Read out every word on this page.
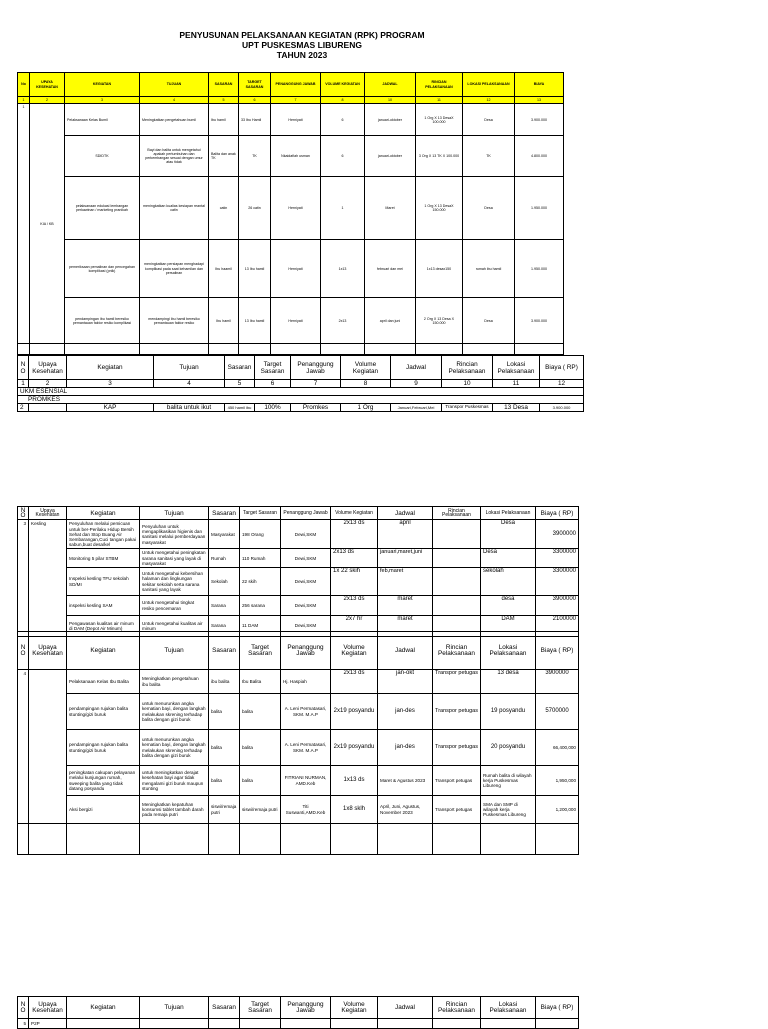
PENYUSUNAN PELAKSANAAN KEGIATAN (RPK) PROGRAM
UPT PUSKESMAS LIBURENG
TAHUN 2023
No	UPAYA KESEHATAN	KEGIATAN	TUJUAN	SASARAN	TARGET SASARAN	PENANGGUNG JAWAB	VOLUME KEGIATAN	JADWAL	RINCIAN PELAKSANAAN	LOKASI PELAKSANAAN	BIAYA
1	2	3	4	5	6	7	8	10	11	12	13
1	KIA / KB	Pelaksanaan Kelas Bumil	Meningkatkan pengetahuan bumil	Ibu hamil	33 Ibu Hamil	Herniyati	6	januari-oktober	1 Org X 13 DesaX 100.000	Desa	3.900.000
		SDIDTK	Bayi dan balita untuk mengetahui apakah pertumbuhan dan perkembangan sesuai dengan umur atau tidak	Balita dan anak TK	TK	Nkaidafiah usman	6	januari-oktober	3 Org X 13 TK X 100.000	TK	4.800.000
		pelaksanaan edukasi lembangan perkawinan / marketing pranikah	meningkatkan kualias kesiapan reantal catin	catin	26 catin	Herniyati	1	Maret	1 Org X 13 DesaX 150.000	Desa	1.950.000
		pemeriksaan pemalinan dan pencegahan komplikasi (pnlk)	meningkatkan persiapan menghadapi komplikasi pada saat kehamilan dan persalinan	Ibu haamil	13 Ibu hamil	Herniyati	1x13	februari dan mei	1x13 desax150	rumah ibu hamil	1.950.000
		pendampingan ibu hamil beresiko pemantauan faktor resiko komplikasi	mendampingi ibu hamil beresiko pemantauan faktor resiko	Ibu hamil	13 Ibu hamil	Herniyati	2x13	april dan juni	2 Org X 13 Desa X 150.000	Desa	3.900.000

NO	Upaya Kesehatan	Kegiatan	Tujuan	Sasaran	Target Sasaran	Penanggung Jawab	Volume Kegiatan	Jadwal	Rincian Pelaksanaan	Lokasi Pelaksanaan	Biaya ( RP)
1	2	3	4	5	6	7	8	9	10	11	12
UKM ESENSIAL											
PROMKES											
2		KAP	balita untuk ikut	450 hamil ibu	100%	Promkes	1 Org	Januari,Februari,Mei	Transpor Puskesmas	13 Desa	3.900.000
NO	Upaya Kesehatan	Kegiatan	Tujuan	Sasaran	Target Sasaran	Penanggung Jawab	Volume Kegiatan	Jadwal	Rincian Pelaksanaan	Lokasi Pelaksanaan	Biaya ( RP)
3	Kesling	Penyuluhan melalui pemicuan untuk ber-Perilaku Hidup Bersih Sehat dan Stop Buang Air Sembarangan,Cuci tangan pakai sabun,buat desa/kel	Penyuluhan untuk mengaplikasikan higienis dan sanitasi melalui pemberdayaan masyarakat	Masyarakat	198 Orang	Dewi,SKM	2x13 ds	april		Desa	3900000
		Monitoring 5 pilar STBM	Untuk mengetahui peningkatan sarana sanitasi yang layak di masyarakat	Rumah	110 Rumah	Dewi,SKM	2x13 ds	januari,maret,juni		Desa	3300000
		Inspeksi kesling TFU sekolah SD/MI	Untuk mengetahui kebersihan halaman dan lingkungan sekitar sekolah serta sarana sanitasi yang layak	Sekolah	22 skih	Dewi,SKM	1x 22 skih	feb,maret		sekolah	3300000
		inspeksi kesling SAM	Untuk mengetahui tingkat resiko pencemaran	Sarana	256 sarana	Dewi,SKM	2x13 ds	maret		desa	3900000
		Pengawasan kualitas air minum di DAM (Depot Air Minum)	Untuk mengetahui kualitas air minum	Sarana	11 DAM	Dewi,SKM	2x7 hr	maret		DAM	2100000
NO	Upaya Kesehatan	Kegiatan	Tujuan	Sasaran	Target Sasaran	Penanggung Jawab	Volume Kegiatan	Jadwal	Rincian Pelaksanaan	Lokasi Pelaksanaan	Biaya ( RP)
4		Pelaksanaan Kelas Ibu Balita	Meningkatkan pengetahuan ibu balita	ibu balita	Ibu Balita	Hj. Haspiah	2x13 ds	jan-okt	Transpor petugas	13 desa	3900000
		pendampingan rujukan balita stunting/gizi buruk	untuk menurunkan angka kematian bayi, dengan langkah melakukan skrening terhadap balita dengan gizi buruk	balita	balita	A. Leni Permatasari, SKM. M.A.P	2x19 posyandu	jan-des	Transpor petugas	19 posyandu	5700000
		pendampingan rujukan balita stunting/gizi buruk	untuk menurunkan angka kematian bayi, dengan langkah melakukan skrening terhadap balita dengan gizi buruk	balita	balita	A. Leni Permatasari, SKM. M.A.P	2x19 posyandu	jan-des	Transpor petugas	20 posyandu	66,400,000
		peningkatan cakupan pelayanan melalui kunjungan rumah, sweeping balita yang tidak datang posyandu	untuk meningkatkan derajat kesehatan bayi agar tidak mengalami gizi buruk maupun stunting	balita	balita	FITRIANI NURMAN, AMD.Keb	1x13 ds	Maret & Agustus 2023	Transport petugas	Rumah balita di wilayah kerja Puskesmas Libureng	1,950,000
		Aksi bergizi	Meningkatkan kepatuhan konsumsi tablet tambah darah pada remaja putri	siswi/remaja putri	siswi/remaja putri	Titi Suswanti,AMD.Keb	1x8 sklh	April, Juni, Agustus, November 2023	Transport petugas	SMA dan SMP di wilayah kerja Puskesmas Libureng	1,200,000

NO	Upaya Kesehatan	Kegiatan	Tujuan	Sasaran	Target Sasaran	Penanggung Jawab	Volume Kegiatan	Jadwal	Rincian Pelaksanaan	Lokasi Pelaksanaan	Biaya ( RP)
5	P2P										
